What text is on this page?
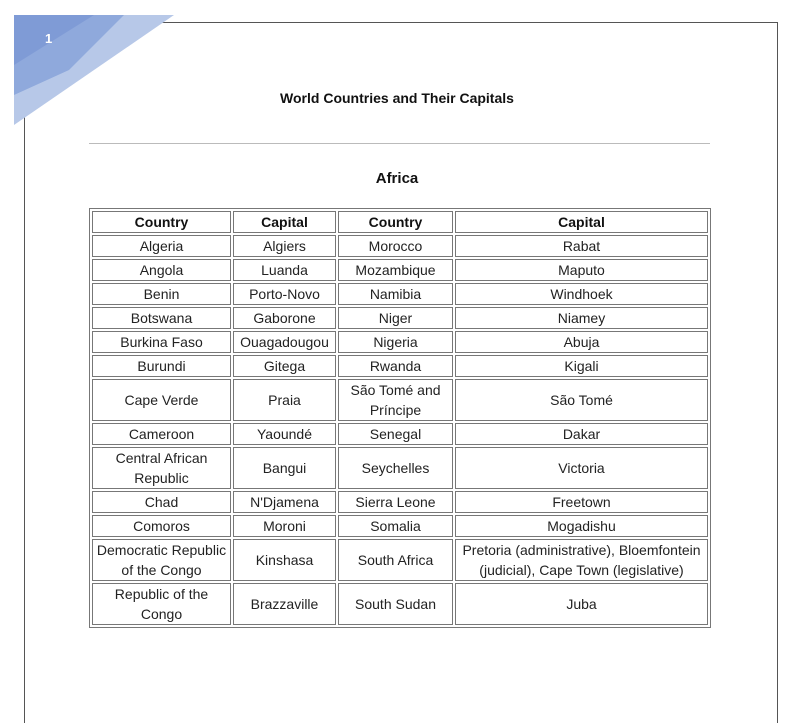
1
World Countries and Their Capitals
Africa
Country	Capital	Country	Capital
Algeria	Algiers	Morocco	Rabat
Angola	Luanda	Mozambique	Maputo
Benin	Porto-Novo	Namibia	Windhoek
Botswana	Gaborone	Niger	Niamey
Burkina Faso	Ouagadougou	Nigeria	Abuja
Burundi	Gitega	Rwanda	Kigali
Cape Verde	Praia	São Tomé and Príncipe	São Tomé
Cameroon	Yaoundé	Senegal	Dakar
Central African Republic	Bangui	Seychelles	Victoria
Chad	N'Djamena	Sierra Leone	Freetown
Comoros	Moroni	Somalia	Mogadishu
Democratic Republic of the Congo	Kinshasa	South Africa	Pretoria (administrative), Bloemfontein (judicial), Cape Town (legislative)
Republic of the Congo	Brazzaville	South Sudan	Juba
